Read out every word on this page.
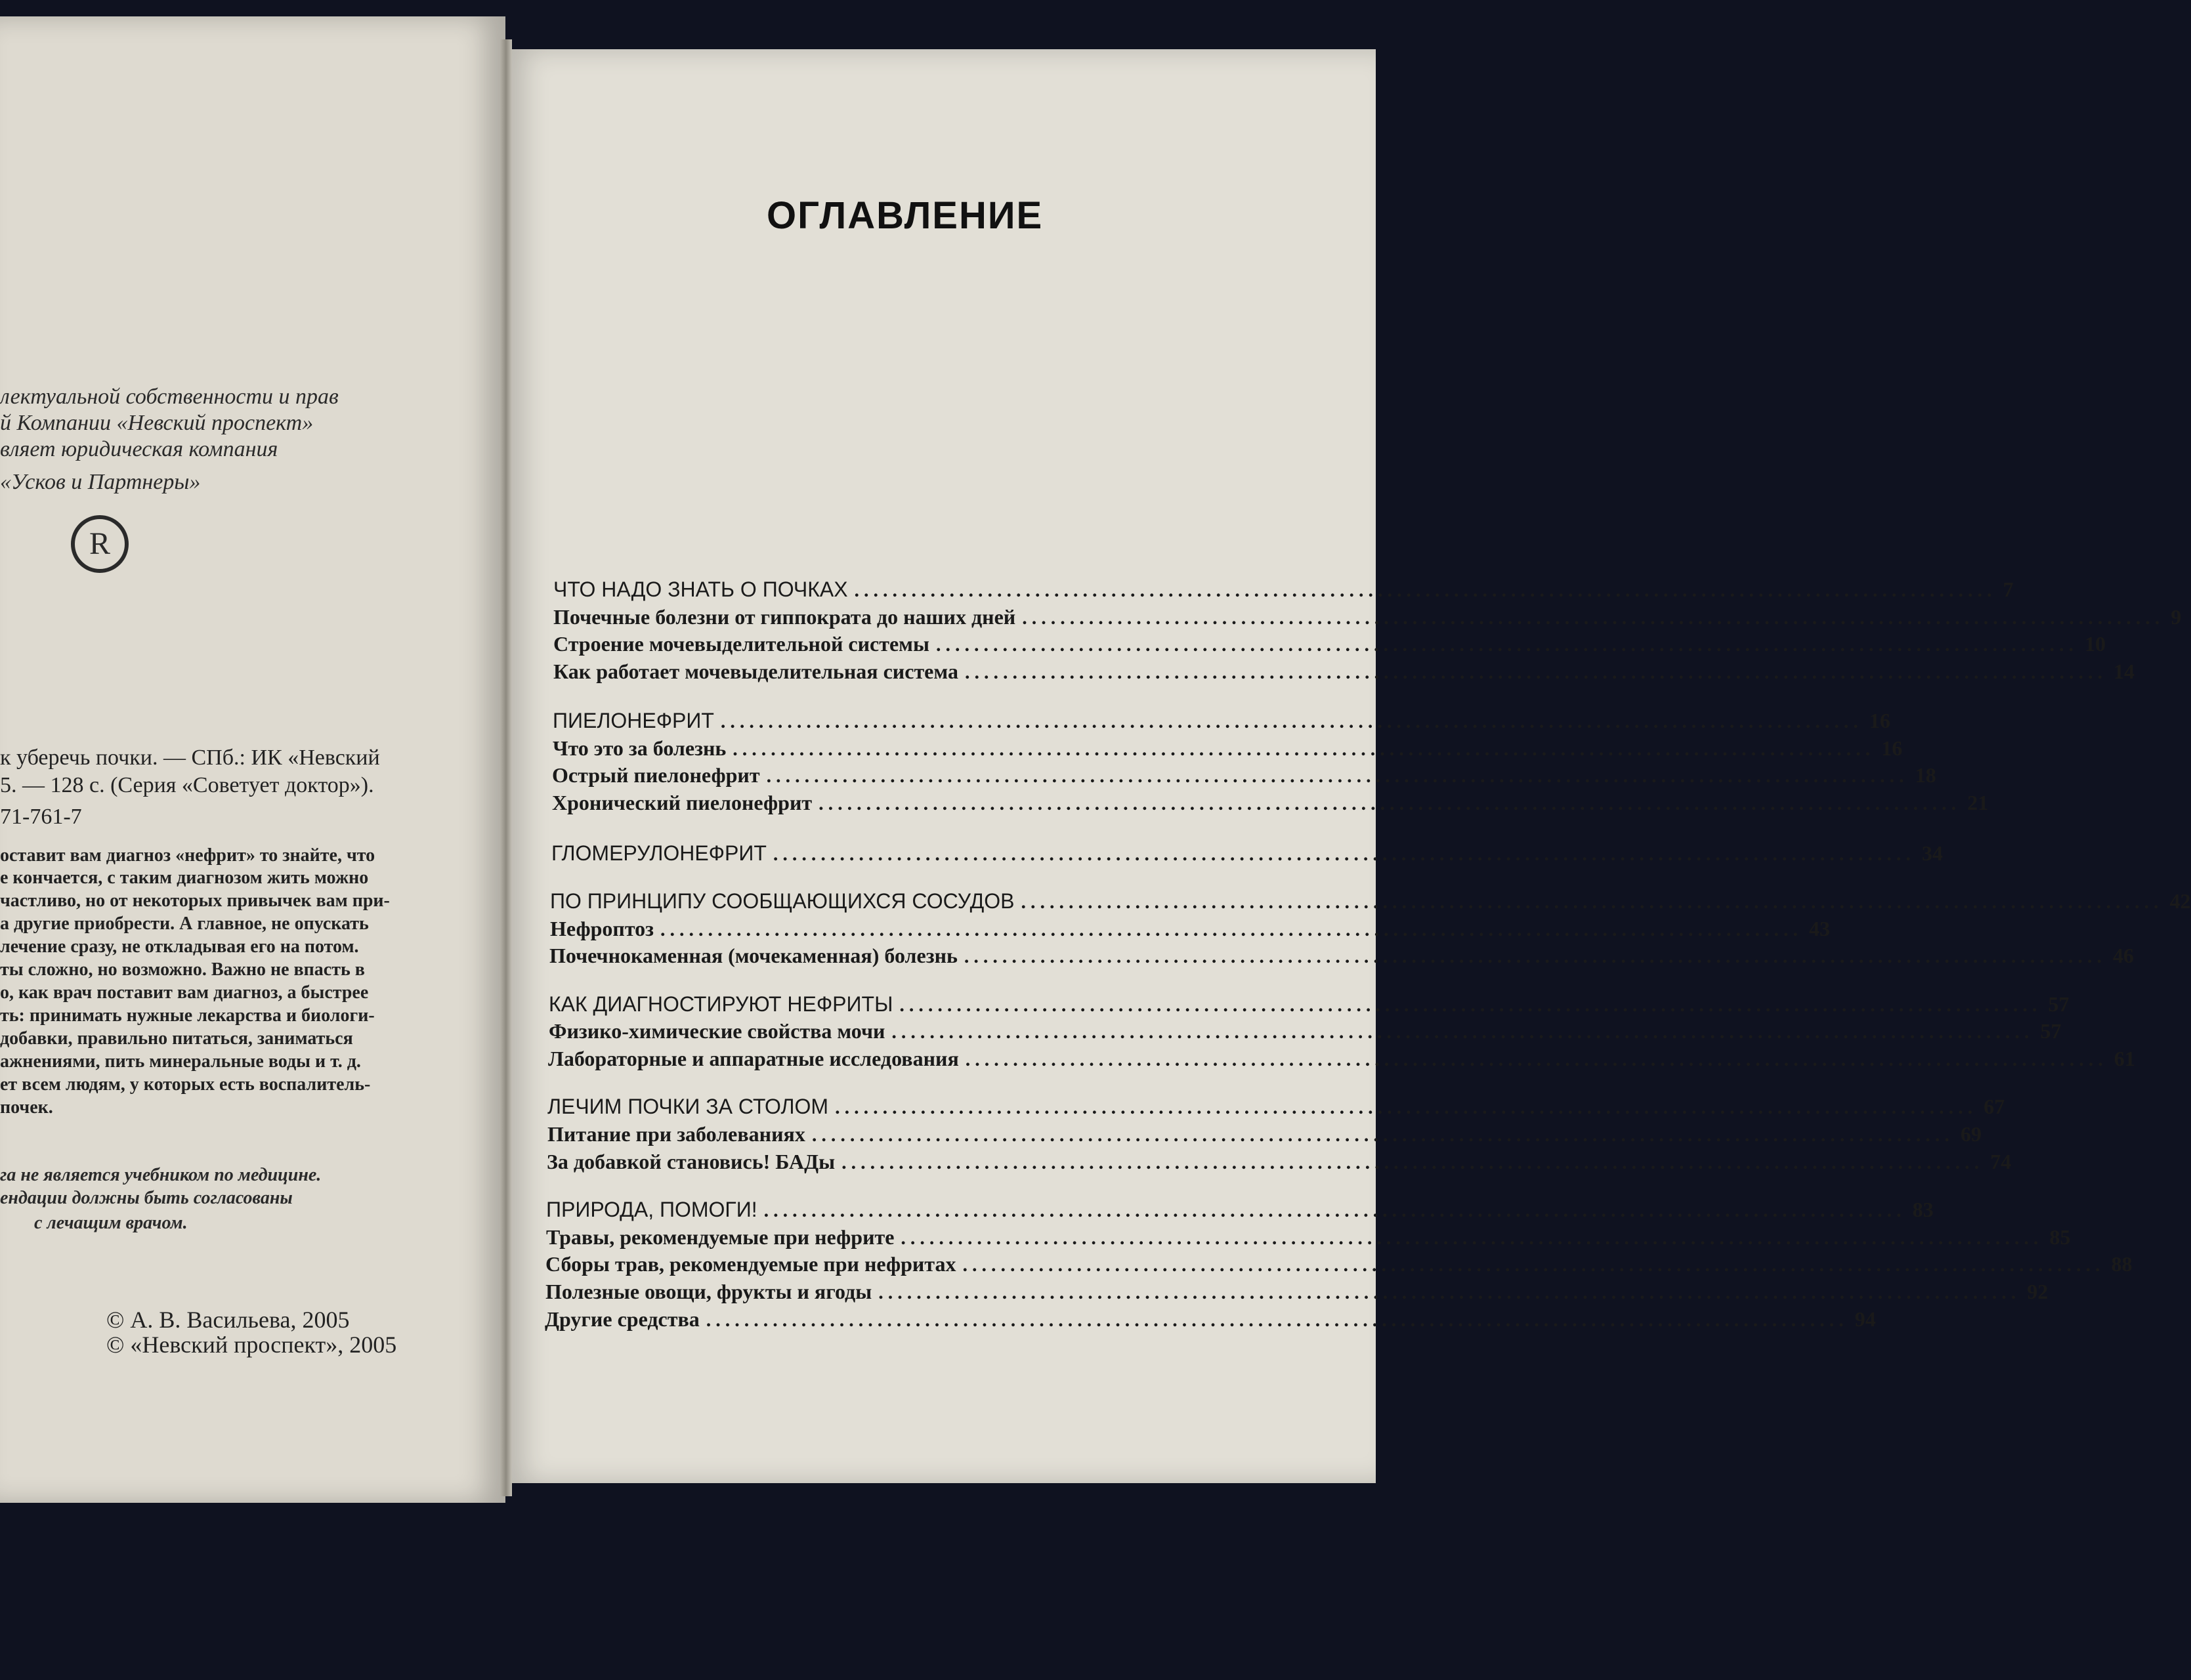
лектуальной собственности и прав
й Компании «Невский проспект»
вляет юридическая компания
«Усков и Партнеры»
R
к уберечь почки. — СПб.: ИК «Невский
5. — 128 с. (Серия «Советует доктор»).
71-761-7
оставит вам диагноз «нефрит» то знайте, что
е кончается, с таким диагнозом жить можно
частливо, но от некоторых привычек вам при-
а другие приобрести. А главное, не опускать
лечение сразу, не откладывая его на потом.
ты сложно, но возможно. Важно не впасть в
о, как врач поставит вам диагноз, а быстрее
ть: принимать нужные лекарства и биологи-
добавки, правильно питаться, заниматься
ажнениями, пить минеральные воды и т. д.
ет всем людям, у которых есть воспалитель-
почек.
га не является учебником по медицине.
ендации должны быть согласованы
с лечащим врачом.
© А. В. Васильева, 2005
© «Невский проспект», 2005
ОГЛАВЛЕНИЕ
ЧТО НАДО ЗНАТЬ О ПОЧКАХ ........................................................................................................................ 7
Почечные болезни от гиппократа до наших дней ........................................................................................................................ 9
Строение мочевыделительной системы ........................................................................................................................ 10
Как работает мочевыделительная система ........................................................................................................................ 14
ПИЕЛОНЕФРИТ ........................................................................................................................ 16
Что это за болезнь ........................................................................................................................ 16
Острый пиелонефрит ........................................................................................................................ 18
Хронический пиелонефрит ........................................................................................................................ 21
ГЛОМЕРУЛОНЕФРИТ ........................................................................................................................ 34
ПО ПРИНЦИПУ СООБЩАЮЩИХСЯ СОСУДОВ ........................................................................................................................ 42
Нефроптоз ........................................................................................................................ 43
Почечнокаменная (мочекаменная) болезнь ........................................................................................................................ 46
КАК ДИАГНОСТИРУЮТ НЕФРИТЫ ........................................................................................................................ 57
Физико-химические свойства мочи ........................................................................................................................ 57
Лабораторные и аппаратные исследования ........................................................................................................................ 61
ЛЕЧИМ ПОЧКИ ЗА СТОЛОМ ........................................................................................................................ 67
Питание при заболеваниях ........................................................................................................................ 69
За добавкой становись! БАДы ........................................................................................................................ 74
ПРИРОДА, ПОМОГИ! ........................................................................................................................ 83
Травы, рекомендуемые при нефрите ........................................................................................................................ 85
Сборы трав, рекомендуемые при нефритах ........................................................................................................................ 88
Полезные овощи, фрукты и ягоды ........................................................................................................................ 92
Другие средства ........................................................................................................................ 94
